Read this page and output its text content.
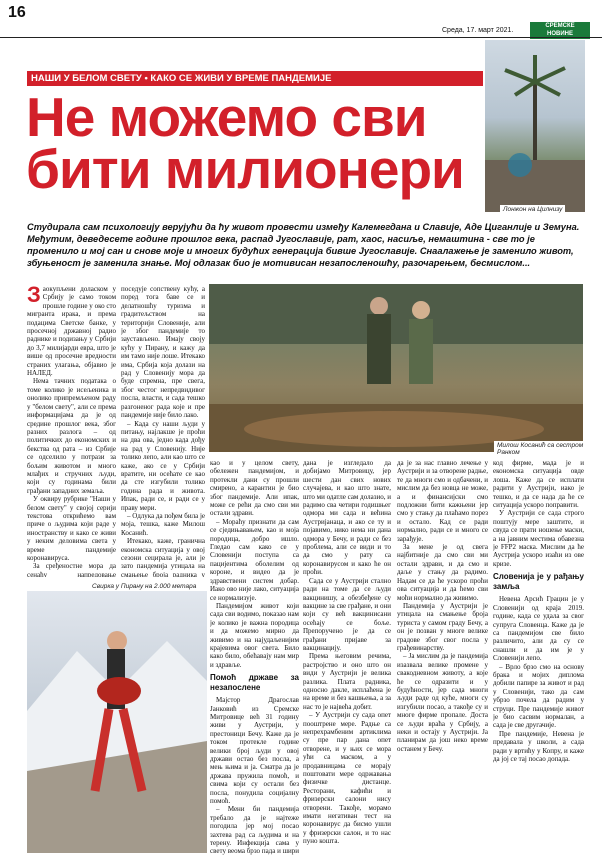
16
Среда, 17. март 2021.
СРЕМСКЕ
НОВИНЕ
Лонжон на Цилнизу
НАШИ У БЕЛОМ СВЕТУ • КАКО СЕ ЖИВИ У ВРЕМЕ ПАНДЕМИЈЕ
Не можемо сви
бити милионери
Студирала сам психологију верујући да ћу живот провести између Калемегдана и Славије, Аде Циганлије и Земуна. Међутим, деведесете године прошлог века, распад Југославије, рат, хаос, насиље, немаштина - све то је променило и мој сан и снове мoje и многих будућих генерација бивше Југославије. Снаалажење је заменило живот, збуњеност је заменила знање. Мој одлазак био је мотивисан незапосленошћу, разочарењем, бесмислом...
Милош Косанић са сестром Ранком
Свирка у Пирану на 2.000 метара

Заокупљени доласком у Србију је само током прошле године у око сто мигранта ирака, и према подацима Светске банке, у просечној државној радио раднике и подизању у Србији до 3,7 милијарди евра, што је више од просечне вредности страних улагања, објавио је НАЛЕД.

Нема тачних података о томе колико је исељеника и онолико припремљеном раду у "белом свету", али се према информацијама да је од средине прошлог века, због разних разлога – од политичких до економских и бекства од рата – из Србије се одселило у потрази за бољим животом и много млађих и стручних људи, који су годинама били грађани западних земаља.

У оквиру рубрике "Наши у белом свету" у својој серији текстова открићемо вам приче о људима који раде у иностранству и како се живи у неким деловима света у време пандемије коронавируса.

За сређеностне мора да сенаћу напредовање

поседује сопствену кућу, а поред тога баве се и делатношћу туризма и градитељством на територији Словеније, али је због пандемије то заустављено. Имају своју кућу у Пирану, и кажу да им тамо није лоше. Итекако има, Србија која долази на рад у Словенију мора да буде спремна, пре свега, због честог непредвидивог посла, власти, и сада тешко разгоненог рада које и пре пандемије није било лако.

– Када су наши људи у питању, најлакше је проћи на два ова, једно када дођу на рад у Словенију. Није толико лепо, али као што се каже, ако се у Србији вратите, ни осећате се као да сте изгубили толико година рада и живота. Ипак, ради се, и ради се у праву мери.

– Одлука да пођем била је моја, тешка, каже Милош Косанић.

Итекако, каже, гранична економска ситуација у овој сезони сецирала је, али је зато пандемија утицала на смањење броја радника у

као и у целом свету, обележен пандемијом, и протекли дани су прошли смирено, а карантин је био због пандемије. Али ипак, може се рећи да смо сви ми остали здрави.

– Мораћу признати да сам се сједињавањем, као и моја породица, добро ишло. Гледао сам како се у Словенији поступа са пацијентима оболелим од короне, и видео да је здравствени систем добар. Иако ово није лако, ситуација се нормализује.

Пандемијом живот који сада сви водимо, показао нам је колико је важна породица и да можемо мирно да живимо и на најудаљенијим крајевима овог света. Било како било, обећавају нам мир и здравље.

Помоћ државе за незапослене

Мајстор Драгослав Јанковић из Сремске Митровице већ 31 годину живи у Аустрији, у престоници Бечу. Каже да је током протекле године велики број људи у овој држави остао без посла, а мењ њима и ја. Сматра да је држава пружила помоћ, и свима који су остали без посла, понудила социјалну помоћ.

– Мени би пандемија требало да је најтеже погодила јер мој посао захтева рад са људима и на терену. Инфекција сама у свету веома брзо пада и шири

дана је изгледало да добијамо Митровицу, јер шести дан свих нових случајева, и као што знате, што ми одатле сам долазио, и радимо сва четири годишњег одмора ми сада и већина Аустријанаца, и ако се ту и појавимо, нико нема ни дана одмора у Бечу, и ради се без проблема, али се види и то да смо у рату са коронавирусом и како ће он проћи.

Сада се у Аустрији стално ради на томе да се људи вакцинишу, а обезбеђене су вакцине за све грађане, и они који су већ вакцинисани осећају се боље. Препоручено је да се грађани пријаве за вакцинацију.

Према његовим речима, растројство и оно што он види у Аустрији је велика разлика. Плата радника, односно дакле, исплаћена је на време и без кашњења, а за нас то је највећа добит.

– У Аустрији су сада опет пооштрене мере. Радње са непрехрамбеним артиклима су пре пар дана опет отворене, и у њих се мора ући са маском, а у продавницама се морају поштовати мере одржавања физичке дистанце. Ресторани, кафићи и фризерски салони нису отворени. Такође, морамо имати негативан тест на коронавирус да бисмо ушли у фризерски салон, и то нас пуно кошта.

да је за нас главно лечење у Аустрији и за отворене радње, те да многи смо и одбачени, и мислим да без новца не може, а и финансијски смо подложни бити кажњени јер смо у стању да плаћамо порез и остало. Кад се ради нормално, ради се и много се зарађује.

За мене је од свега најбитније да смо сви ми остали здрави, и да смо и даље у стању да радимо. Надам се да ће ускоро проћи ова ситуација и да ћемо сви моћи нормално да живимо.

Пандемија у Аустрији је утицала на смањење броја туриста у самом граду Бечу, а он је позван у многе велике градове због свог посла у грађевинарству.

– Ја мислим да је пандемија изазвала велике промене у свакодневном животу, а које ће се одразити и у будућности, јер сада многи људи раде од куће, многи су изгубили посао, а такође су и многе фирме пропале. Доста се људи враћа у Србију, а неки и остају у Аустрији. Ја планирам да још неко време останем у Бечу.

код фирме, мада је и економска ситуација овде лоша. Каже да се исплати радити у Аустрији, иако је тешко, и да се нада да ће се ситуација ускоро поправити.

У Аустрији се сада строго поштују мере заштите, и свуда се прати ношење маски, а на јавним местима обавезна је FFP2 маска. Мислим да ће Аустрија ускоро изаћи из ове кризе.

Словенија је у рађању замља

Невена Арсић Грацин је у Словенији од краја 2019. године, када се удала за свог супруга Словенца. Каже да је са пандемијом све било различито, али да су се снашли и да им је у Словенији лепо.

– Врло брзо смо на основу брака и мојих диплома добили папире за живот и рад у Словенији, тако да сам убрзо почела да радим у струци. Пре пандемије живот је био сасвим нормалан, а сада је све другачије.

Пре пандемије, Невена је предавала у школи, а сада ради у вртићу у Копру, и каже да јој се тај посао допада.
